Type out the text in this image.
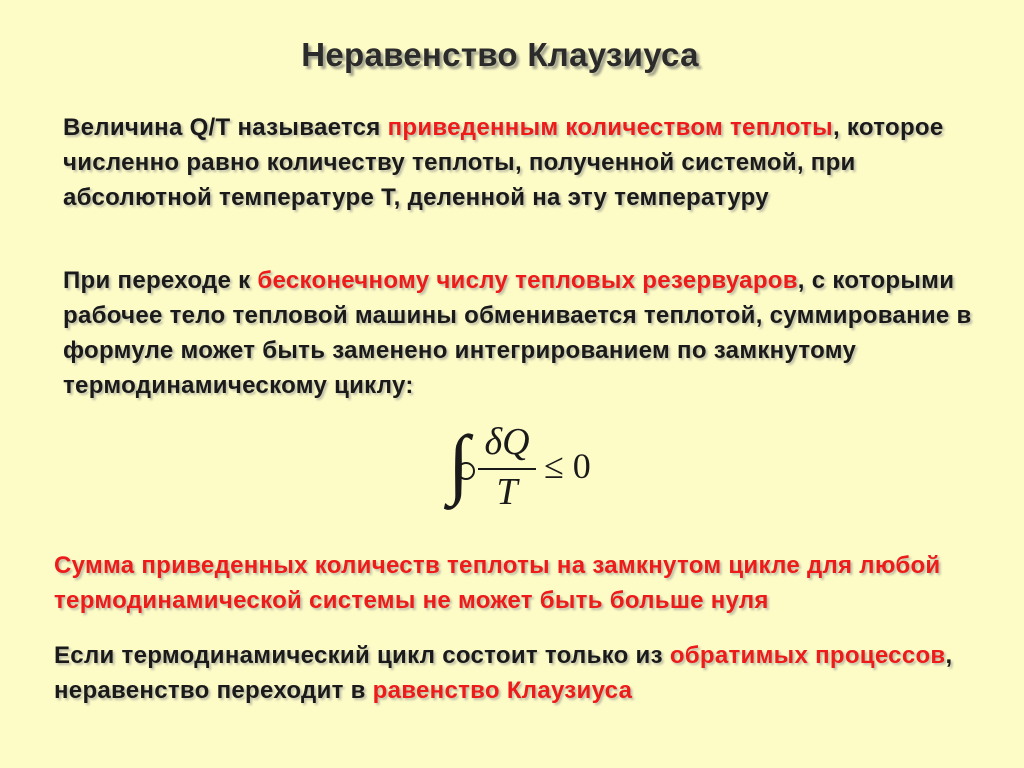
Неравенство Клаузиуса
Величина Q/T называется приведенным количеством теплоты, которое численно равно количеству теплоты, полученной системой, при абсолютной температуре Т, деленной на эту температуру
При переходе к бесконечному числу тепловых резервуаров, с которыми рабочее тело тепловой машины обменивается теплотой, суммирование в формуле может быть заменено интегрированием по замкнутому термодинамическому циклу:
∫ δQ
T
≤ 0
Сумма приведенных количеств теплоты на замкнутом цикле для любой термодинамической системы не может быть больше нуля
Если термодинамический цикл состоит только из обратимых процессов, неравенство переходит в равенство Клаузиуса
